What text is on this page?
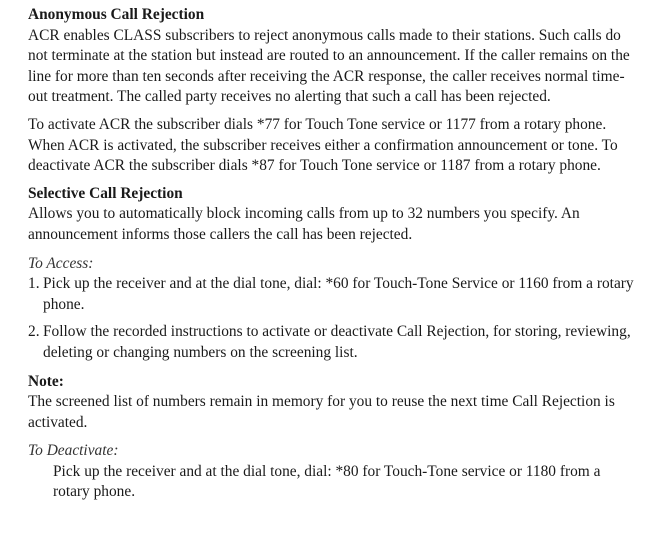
Anonymous Call Rejection

ACR enables CLASS subscribers to reject anonymous calls made to their stations. Such calls do not terminate at the station but instead are routed to an announcement. If the caller remains on the line for more than ten seconds after receiving the ACR response, the caller receives normal time-out treatment. The called party receives no alerting that such a call has been rejected.

To activate ACR the subscriber dials *77 for Touch Tone service or 1177 from a rotary phone. When ACR is activated, the subscriber receives either a confirmation announcement or tone. To deactivate ACR the subscriber dials *87 for Touch Tone service or 1187 from a rotary phone.

Selective Call Rejection

Allows you to automatically block incoming calls from up to 32 numbers you specify. An announcement informs those callers the call has been rejected.

To Access:

1. Pick up the receiver and at the dial tone, dial: *60 for Touch-Tone Service or 1160 from a rotary phone.
2. Follow the recorded instructions to activate or deactivate Call Rejection, for storing, reviewing, deleting or changing numbers on the screening list.
Note:

The screened list of numbers remain in memory for you to reuse the next time Call Rejection is activated.

To Deactivate:

Pick up the receiver and at the dial tone, dial: *80 for Touch-Tone service or 1180 from a rotary phone.
